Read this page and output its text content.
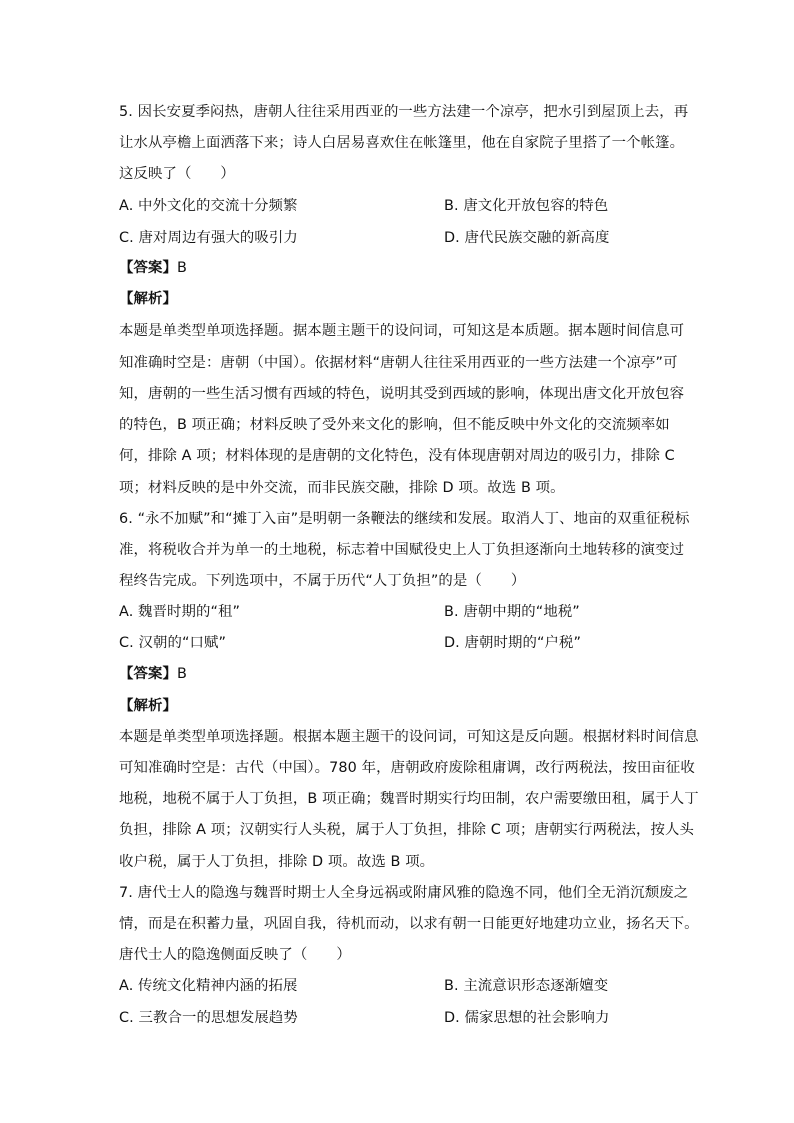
5. 因长安夏季闷热，唐朝人往往采用西亚的一些方法建一个凉亭，把水引到屋顶上去，再
让水从亭檐上面洒落下来；诗人白居易喜欢住在帐篷里，他在自家院子里搭了一个帐篷。
这反映了（　　）
A. 中外文化的交流十分频繁	B. 唐文化开放包容的特色
C. 唐对周边有强大的吸引力	D. 唐代民族交融的新高度
【答案】B
【解析】
本题是单类型单项选择题。据本题主题干的设问词，可知这是本质题。据本题时间信息可
知准确时空是：唐朝（中国）。依据材料“唐朝人往往采用西亚的一些方法建一个凉亭”可
知，唐朝的一些生活习惯有西域的特色，说明其受到西域的影响，体现出唐文化开放包容
的特色，B 项正确；材料反映了受外来文化的影响，但不能反映中外文化的交流频率如
何，排除 A 项；材料体现的是唐朝的文化特色，没有体现唐朝对周边的吸引力，排除 C
项；材料反映的是中外交流，而非民族交融，排除 D 项。故选 B 项。
6. “永不加赋”和“摊丁入亩”是明朝一条鞭法的继续和发展。取消人丁、地亩的双重征税标
准，将税收合并为单一的土地税，标志着中国赋役史上人丁负担逐渐向土地转移的演变过
程终告完成。下列选项中，不属于历代“人丁负担”的是（　　）
A. 魏晋时期的“租”	B. 唐朝中期的“地税”
C. 汉朝的“口赋”	D. 唐朝时期的“户税”
【答案】B
【解析】
本题是单类型单项选择题。根据本题主题干的设问词，可知这是反向题。根据材料时间信息
可知准确时空是：古代（中国）。780 年，唐朝政府废除租庸调，改行两税法，按田亩征收
地税，地税不属于人丁负担，B 项正确；魏晋时期实行均田制，农户需要缴田租，属于人丁
负担，排除 A 项；汉朝实行人头税，属于人丁负担，排除 C 项；唐朝实行两税法，按人头
收户税，属于人丁负担，排除 D 项。故选 B 项。
7. 唐代士人的隐逸与魏晋时期士人全身远祸或附庸风雅的隐逸不同，他们全无消沉颓废之
情，而是在积蓄力量，巩固自我，待机而动，以求有朝一日能更好地建功立业，扬名天下。
唐代士人的隐逸侧面反映了（　　）
A. 传统文化精神内涵的拓展	B. 主流意识形态逐渐嬗变
C. 三教合一的思想发展趋势	D. 儒家思想的社会影响力
